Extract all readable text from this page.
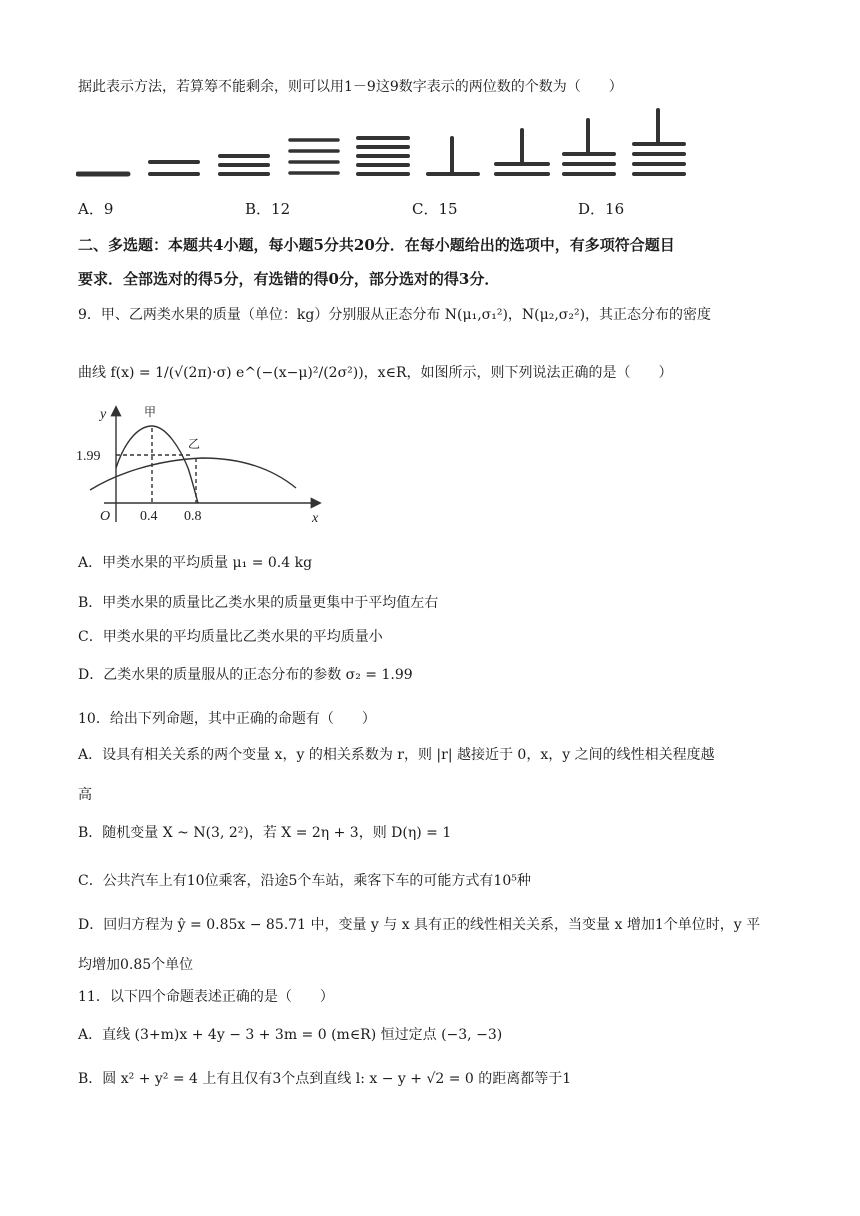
据此表示方法，若算筹不能剩余，则可以用1－9这9数字表示的两位数的个数为（　　）
A．9	B．12	C．15	D．16
二、多选题：本题共4小题，每小题5分共20分．在每小题给出的选项中，有多项符合题目
要求．全部选对的得5分，有选错的得0分，部分选对的得3分．
9．甲、乙两类水果的质量（单位：kg）分别服从正态分布 N(μ₁,σ₁²)，N(μ₂,σ₂²)，其正态分布的密度
曲线 f(x) = 1/(√(2π)·σ) e^(−(x−μ)²/(2σ²))，x∈R，如图所示，则下列说法正确的是（　　）
y
x
O
1.99
0.4 0.8
甲
乙
A．甲类水果的平均质量 μ₁ = 0.4 kg
B．甲类水果的质量比乙类水果的质量更集中于平均值左右
C．甲类水果的平均质量比乙类水果的平均质量小
D．乙类水果的质量服从的正态分布的参数 σ₂ = 1.99
10．给出下列命题，其中正确的命题有（　　）
A．设具有相关关系的两个变量 x，y 的相关系数为 r，则 |r| 越接近于 0，x，y 之间的线性相关程度越
高
B．随机变量 X ~ N(3, 2²)，若 X = 2η + 3，则 D(η) = 1
C．公共汽车上有10位乘客，沿途5个车站，乘客下车的可能方式有10⁵种
D．回归方程为 ŷ = 0.85x − 85.71 中，变量 y 与 x 具有正的线性相关关系，当变量 x 增加1个单位时，y 平
均增加0.85个单位
11．以下四个命题表述正确的是（　　）
A．直线 (3+m)x + 4y − 3 + 3m = 0 (m∈R) 恒过定点 (−3, −3)
B．圆 x² + y² = 4 上有且仅有3个点到直线 l: x − y + √2 = 0 的距离都等于1
